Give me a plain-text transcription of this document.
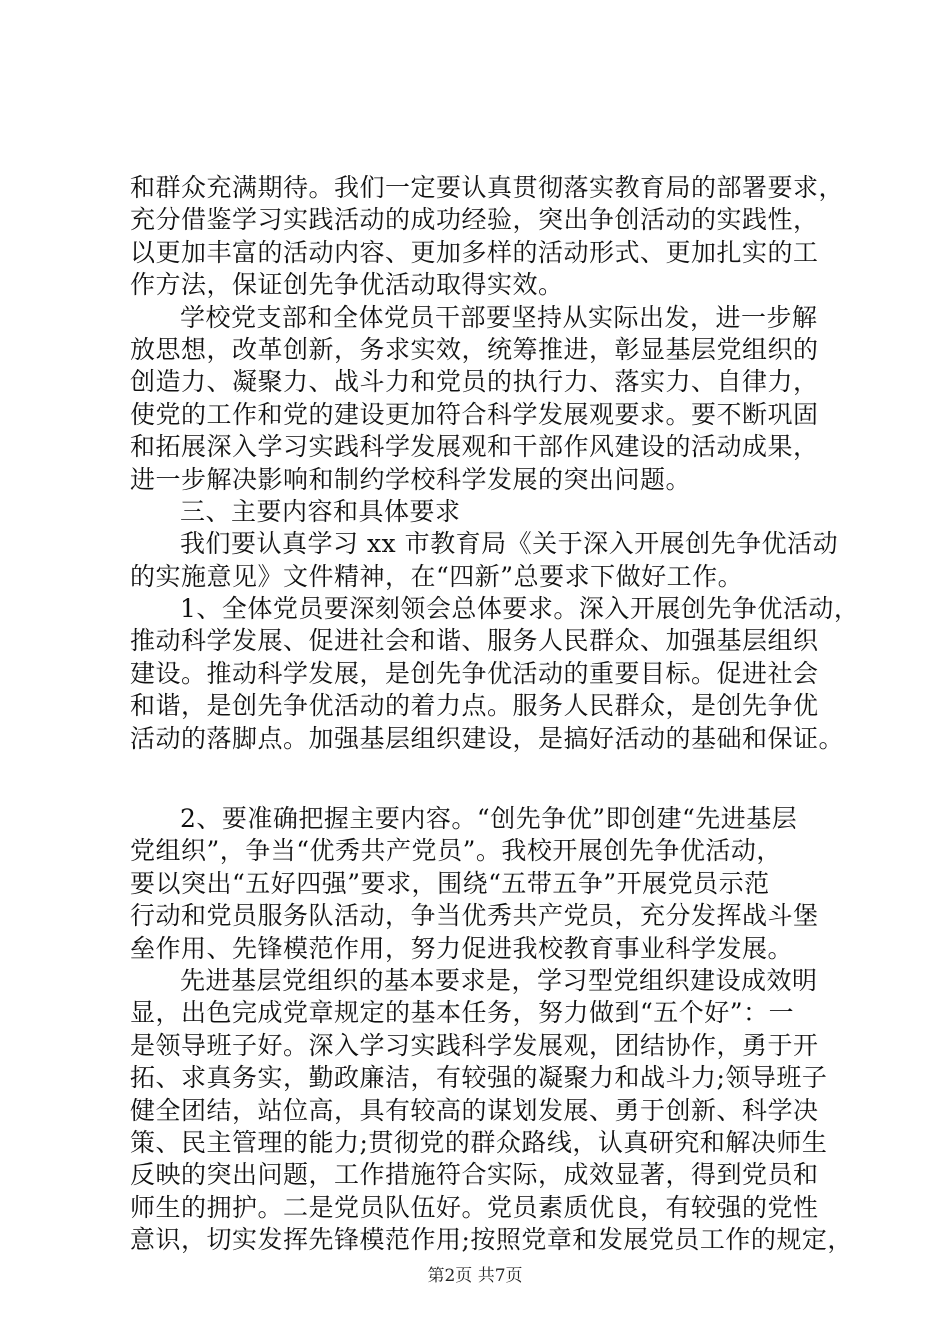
和群众充满期待。我们一定要认真贯彻落实教育局的部署要求，
充分借鉴学习实践活动的成功经验，突出争创活动的实践性，
以更加丰富的活动内容、更加多样的活动形式、更加扎实的工
作方法，保证创先争优活动取得实效。
学校党支部和全体党员干部要坚持从实际出发，进一步解
放思想，改革创新，务求实效，统筹推进，彰显基层党组织的
创造力、凝聚力、战斗力和党员的执行力、落实力、自律力，
使党的工作和党的建设更加符合科学发展观要求。要不断巩固
和拓展深入学习实践科学发展观和干部作风建设的活动成果，
进一步解决影响和制约学校科学发展的突出问题。
三、主要内容和具体要求
我们要认真学习 xx 市教育局《关于深入开展创先争优活动
的实施意见》文件精神，在“四新”总要求下做好工作。
1、全体党员要深刻领会总体要求。深入开展创先争优活动，
推动科学发展、促进社会和谐、服务人民群众、加强基层组织
建设。推动科学发展，是创先争优活动的重要目标。促进社会
和谐，是创先争优活动的着力点。服务人民群众，是创先争优
活动的落脚点。加强基层组织建设，是搞好活动的基础和保证。
2、要准确把握主要内容。“创先争优”即创建“先进基层
党组织”，争当“优秀共产党员”。我校开展创先争优活动，
要以突出“五好四强”要求，围绕“五带五争”开展党员示范
行动和党员服务队活动，争当优秀共产党员，充分发挥战斗堡
垒作用、先锋模范作用，努力促进我校教育事业科学发展。
先进基层党组织的基本要求是，学习型党组织建设成效明
显，出色完成党章规定的基本任务，努力做到“五个好”：一
是领导班子好。深入学习实践科学发展观，团结协作，勇于开
拓、求真务实，勤政廉洁，有较强的凝聚力和战斗力;领导班子
健全团结，站位高，具有较高的谋划发展、勇于创新、科学决
策、民主管理的能力;贯彻党的群众路线，认真研究和解决师生
反映的突出问题，工作措施符合实际，成效显著，得到党员和
师生的拥护。二是党员队伍好。党员素质优良，有较强的党性
意识，切实发挥先锋模范作用;按照党章和发展党员工作的规定，
第2页 共7页
